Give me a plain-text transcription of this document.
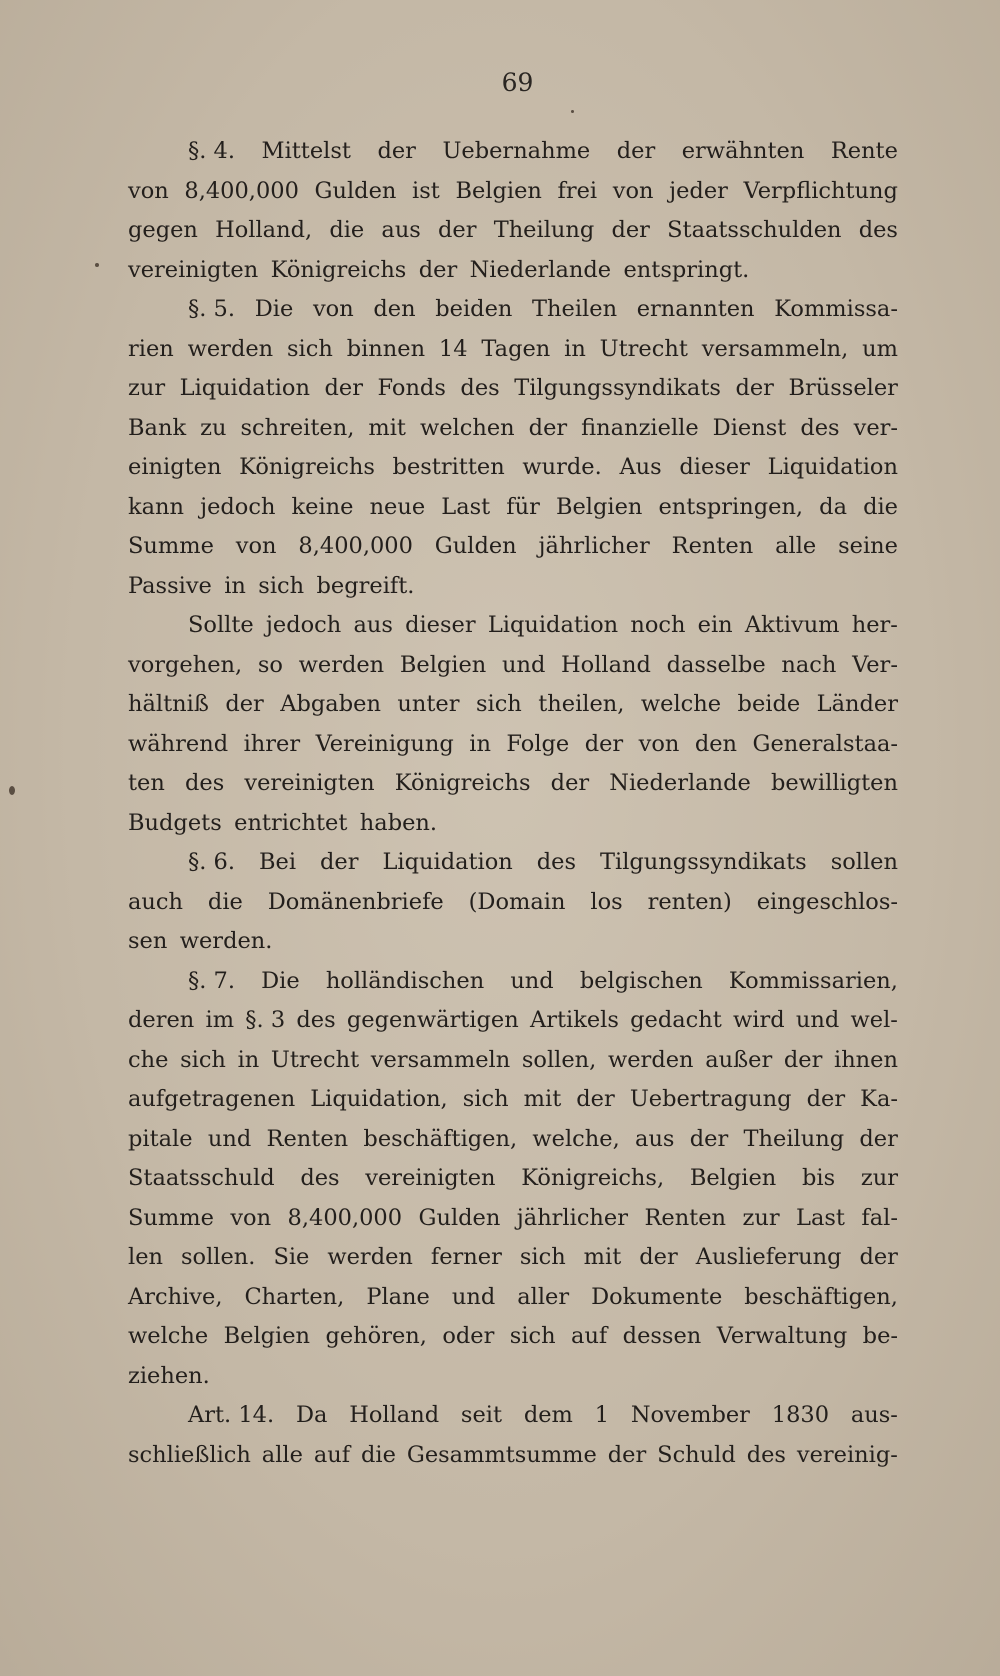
69

§. 4. Mittelst der Uebernahme der erwähnten Rente
von 8,400,000 Gulden ist Belgien frei von jeder Verpflichtung
gegen Holland, die aus der Theilung der Staatsschulden des
vereinigten Königreichs der Niederlande entspringt.
§. 5. Die von den beiden Theilen ernannten Kommissa-
rien werden sich binnen 14 Tagen in Utrecht versammeln, um
zur Liquidation der Fonds des Tilgungssyndikats der Brüsseler
Bank zu schreiten, mit welchen der finanzielle Dienst des ver-
einigten Königreichs bestritten wurde. Aus dieser Liquidation
kann jedoch keine neue Last für Belgien entspringen, da die
Summe von 8,400,000 Gulden jährlicher Renten alle seine
Passive in sich begreift.
Sollte jedoch aus dieser Liquidation noch ein Aktivum her-
vorgehen, so werden Belgien und Holland dasselbe nach Ver-
hältniß der Abgaben unter sich theilen, welche beide Länder
während ihrer Vereinigung in Folge der von den Generalstaa-
ten des vereinigten Königreichs der Niederlande bewilligten
Budgets entrichtet haben.
§. 6. Bei der Liquidation des Tilgungssyndikats sollen
auch die Domänenbriefe (Domain los renten) eingeschlos-
sen werden.
§. 7. Die holländischen und belgischen Kommissarien,
deren im §. 3 des gegenwärtigen Artikels gedacht wird und wel-
che sich in Utrecht versammeln sollen, werden außer der ihnen
aufgetragenen Liquidation, sich mit der Uebertragung der Ka-
pitale und Renten beschäftigen, welche, aus der Theilung der
Staatsschuld des vereinigten Königreichs, Belgien bis zur
Summe von 8,400,000 Gulden jährlicher Renten zur Last fal-
len sollen. Sie werden ferner sich mit der Auslieferung der
Archive, Charten, Plane und aller Dokumente beschäftigen,
welche Belgien gehören, oder sich auf dessen Verwaltung be-
ziehen.
Art. 14. Da Holland seit dem 1 November 1830 aus-
schließlich alle auf die Gesammtsumme der Schuld des vereinig-
